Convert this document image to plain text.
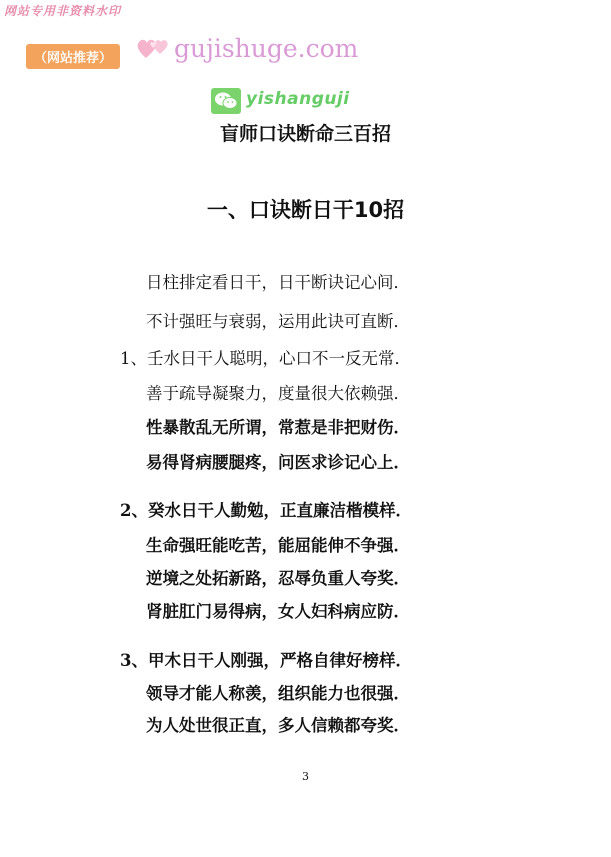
网站专用非资料水印
（网站推荐）	gujishuge.com
yishanguji
盲师口诀断命三百招
一、口诀断日干10招
日柱排定看日干，日干断诀记心间．
不计强旺与衰弱，运用此诀可直断．
1、壬水日干人聪明，心口不一反无常．
善于疏导凝聚力，度量很大依赖强．
性暴散乱无所谓，常惹是非把财伤．
易得肾病腰腿疼，问医求诊记心上．
2、癸水日干人勤勉，正直廉洁楷模样．
生命强旺能吃苦，能屈能伸不争强．
逆境之处拓新路，忍辱负重人夸奖．
肾脏肛门易得病，女人妇科病应防．
3、甲木日干人刚强，严格自律好榜样．
领导才能人称羡，组织能力也很强．
为人处世很正直，多人信赖都夸奖．
3
